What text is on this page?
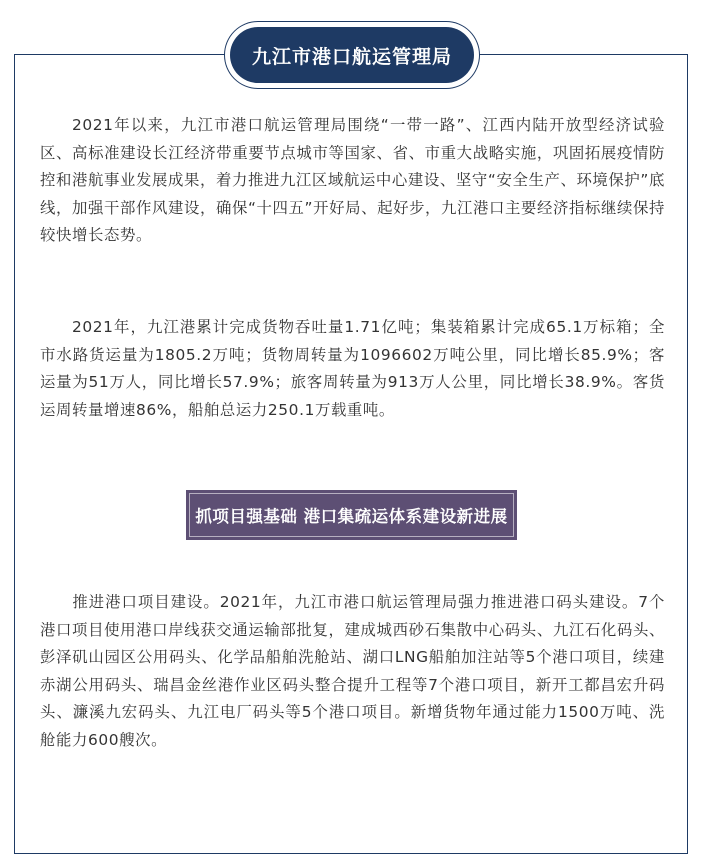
九江市港口航运管理局

2021年以来，九江市港口航运管理局围绕“一带一路”、江西内陆开放型经济试验区、高标准建设长江经济带重要节点城市等国家、省、市重大战略实施，巩固拓展疫情防控和港航事业发展成果，着力推进九江区域航运中心建设、坚守“安全生产、环境保护”底线，加强干部作风建设，确保“十四五”开好局、起好步，九江港口主要经济指标继续保持较快增长态势。

2021年，九江港累计完成货物吞吐量1.71亿吨；集装箱累计完成65.1万标箱；全市水路货运量为1805.2万吨；货物周转量为1096602万吨公里，同比增长85.9%；客运量为51万人，同比增长57.9%；旅客周转量为913万人公里，同比增长38.9%。客货运周转量增速86%，船舶总运力250.1万载重吨。

抓项目强基础 港口集疏运体系建设新进展

推进港口项目建设。2021年，九江市港口航运管理局强力推进港口码头建设。7个港口项目使用港口岸线获交通运输部批复，建成城西砂石集散中心码头、九江石化码头、彭泽矶山园区公用码头、化学品船舶洗舱站、湖口LNG船舶加注站等5个港口项目，续建赤湖公用码头、瑞昌金丝港作业区码头整合提升工程等7个港口项目，新开工都昌宏升码头、濂溪九宏码头、九江电厂码头等5个港口项目。新增货物年通过能力1500万吨、洗舱能力600艘次。
